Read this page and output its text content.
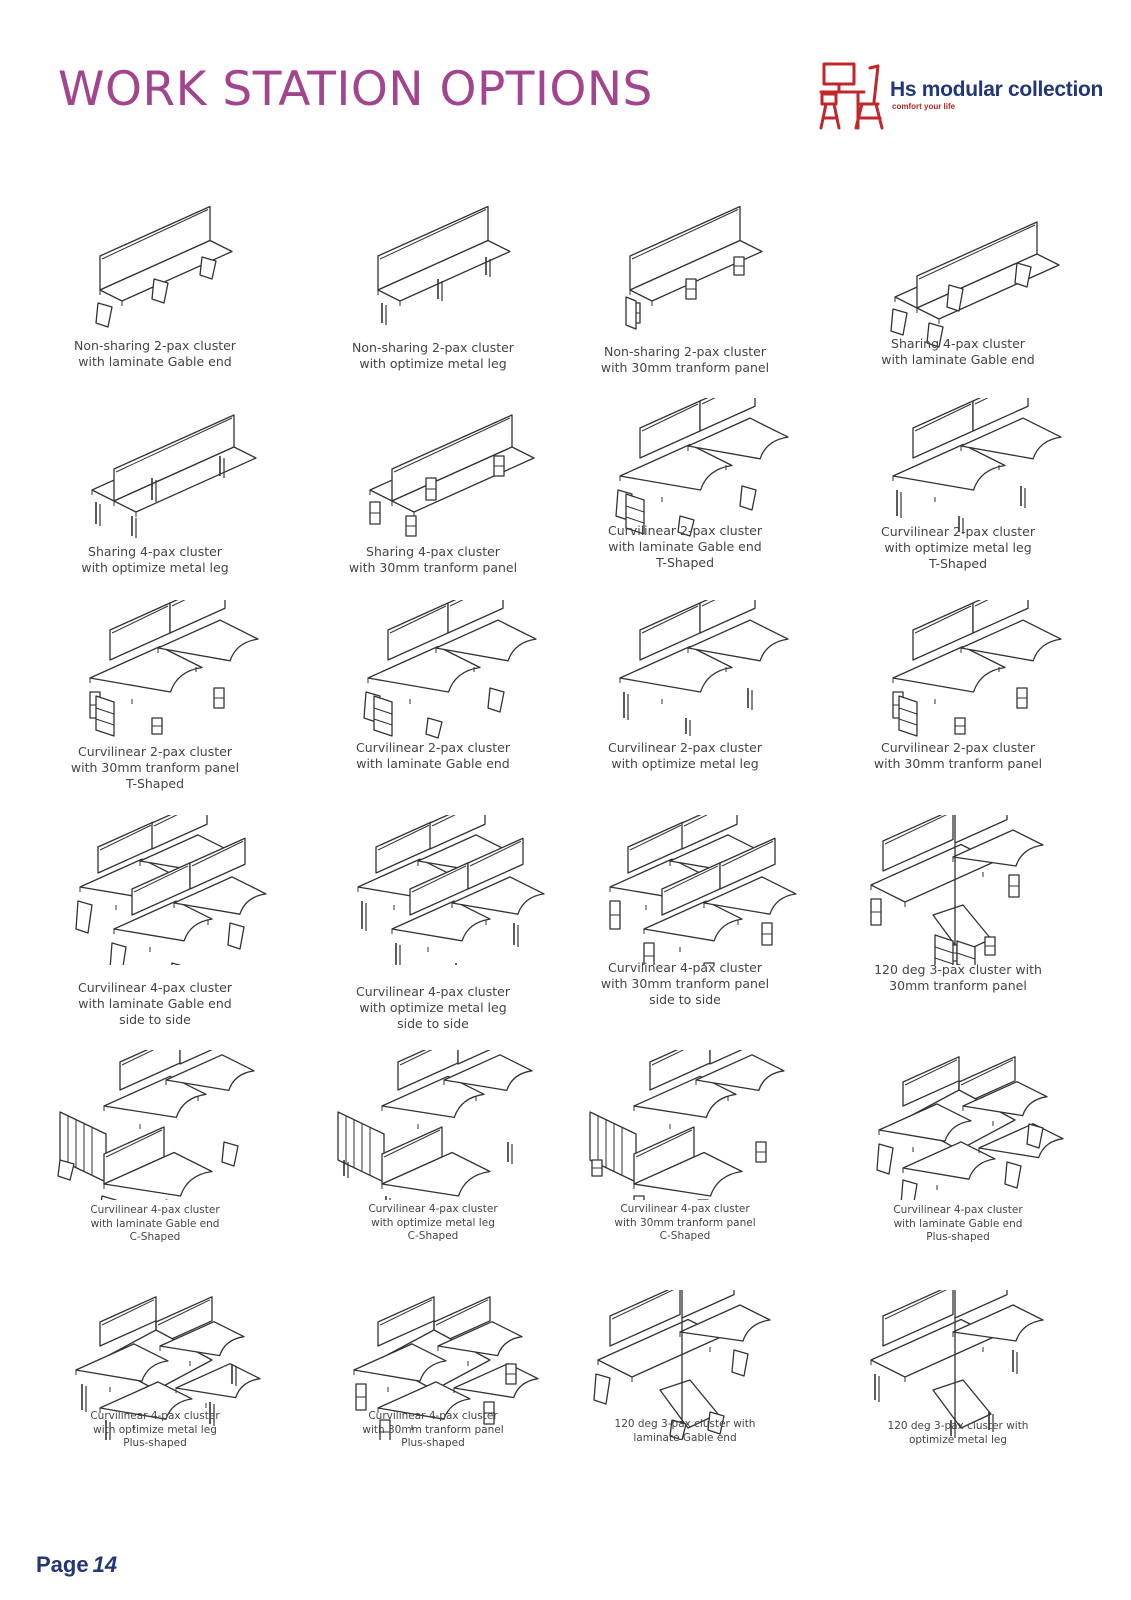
WORK STATION OPTIONS	Hs modular collection
comfort your life
Non-sharing 2-pax cluster
with laminate Gable end
Non-sharing 2-pax cluster
with optimize metal leg
Non-sharing 2-pax cluster
with 30mm tranform panel
Sharing 4-pax cluster
with laminate Gable end
Sharing 4-pax cluster
with optimize metal leg
Sharing 4-pax cluster
with 30mm tranform panel
Curvilinear 2-pax cluster
with laminate Gable end
T-Shaped
Curvilinear 2-pax cluster
with optimize metal leg
T-Shaped
Curvilinear 2-pax cluster
with 30mm tranform panel
T-Shaped
Curvilinear 2-pax cluster
with laminate Gable end
Curvilinear 2-pax cluster
with optimize metal leg
Curvilinear 2-pax cluster
with 30mm tranform panel
Curvilinear 4-pax cluster
with laminate Gable end
side to side
Curvilinear 4-pax cluster
with optimize metal leg
side to side
Curvilinear 4-pax cluster
with 30mm tranform panel
side to side
120 deg 3-pax cluster with
30mm tranform panel
Curvilinear 4-pax cluster
with laminate Gable end
C-Shaped
Curvilinear 4-pax cluster
with optimize metal leg
C-Shaped
Curvilinear 4-pax cluster
with 30mm tranform panel
C-Shaped
Curvilinear 4-pax cluster
with laminate Gable end
Plus-shaped
Curvilinear 4-pax cluster
with optimize metal leg
Plus-shaped
Curvilinear 4-pax cluster
with 30mm tranform panel
Plus-shaped
120 deg 3-pax cluster with
laminate Gable end
120 deg 3-pax cluster with
optimize metal leg
Page 14
